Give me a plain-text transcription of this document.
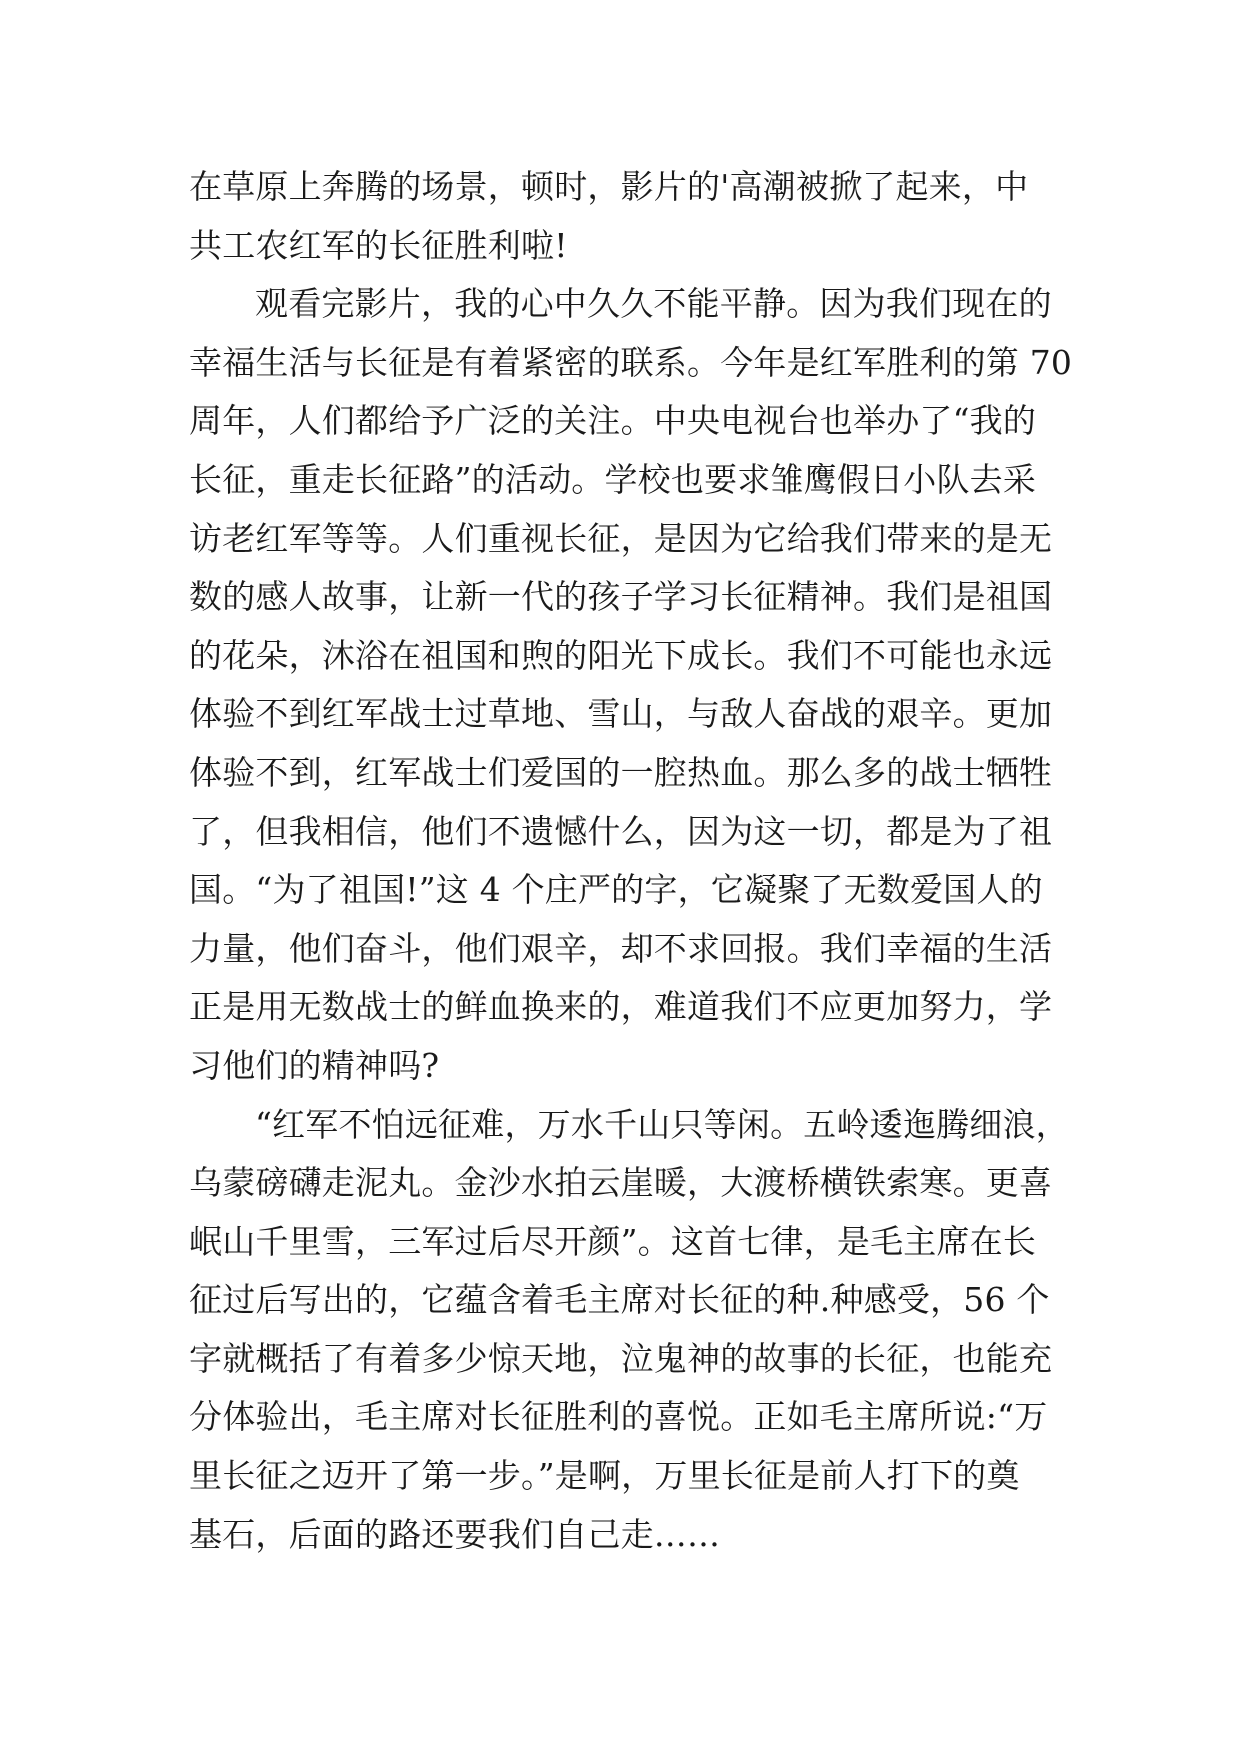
在草原上奔腾的场景，顿时，影片的'高潮被掀了起来，中
共工农红军的长征胜利啦!
观看完影片，我的心中久久不能平静。因为我们现在的
幸福生活与长征是有着紧密的联系。今年是红军胜利的第 70
周年，人们都给予广泛的关注。中央电视台也举办了“我的
长征，重走长征路”的活动。学校也要求雏鹰假日小队去采
访老红军等等。人们重视长征，是因为它给我们带来的是无
数的感人故事，让新一代的孩子学习长征精神。我们是祖国
的花朵，沐浴在祖国和煦的阳光下成长。我们不可能也永远
体验不到红军战士过草地、雪山，与敌人奋战的艰辛。更加
体验不到，红军战士们爱国的一腔热血。那么多的战士牺牲
了，但我相信，他们不遗憾什么，因为这一切，都是为了祖
国。“为了祖国!”这 4 个庄严的字，它凝聚了无数爱国人的
力量，他们奋斗，他们艰辛，却不求回报。我们幸福的生活
正是用无数战士的鲜血换来的，难道我们不应更加努力，学
习他们的精神吗?
“红军不怕远征难，万水千山只等闲。五岭逶迤腾细浪，
乌蒙磅礴走泥丸。金沙水拍云崖暖，大渡桥横铁索寒。更喜
岷山千里雪，三军过后尽开颜”。这首七律，是毛主席在长
征过后写出的，它蕴含着毛主席对长征的种.种感受，56 个
字就概括了有着多少惊天地，泣鬼神的故事的长征，也能充
分体验出，毛主席对长征胜利的喜悦。正如毛主席所说:“万
里长征之迈开了第一步。”是啊，万里长征是前人打下的奠
基石，后面的路还要我们自己走……
